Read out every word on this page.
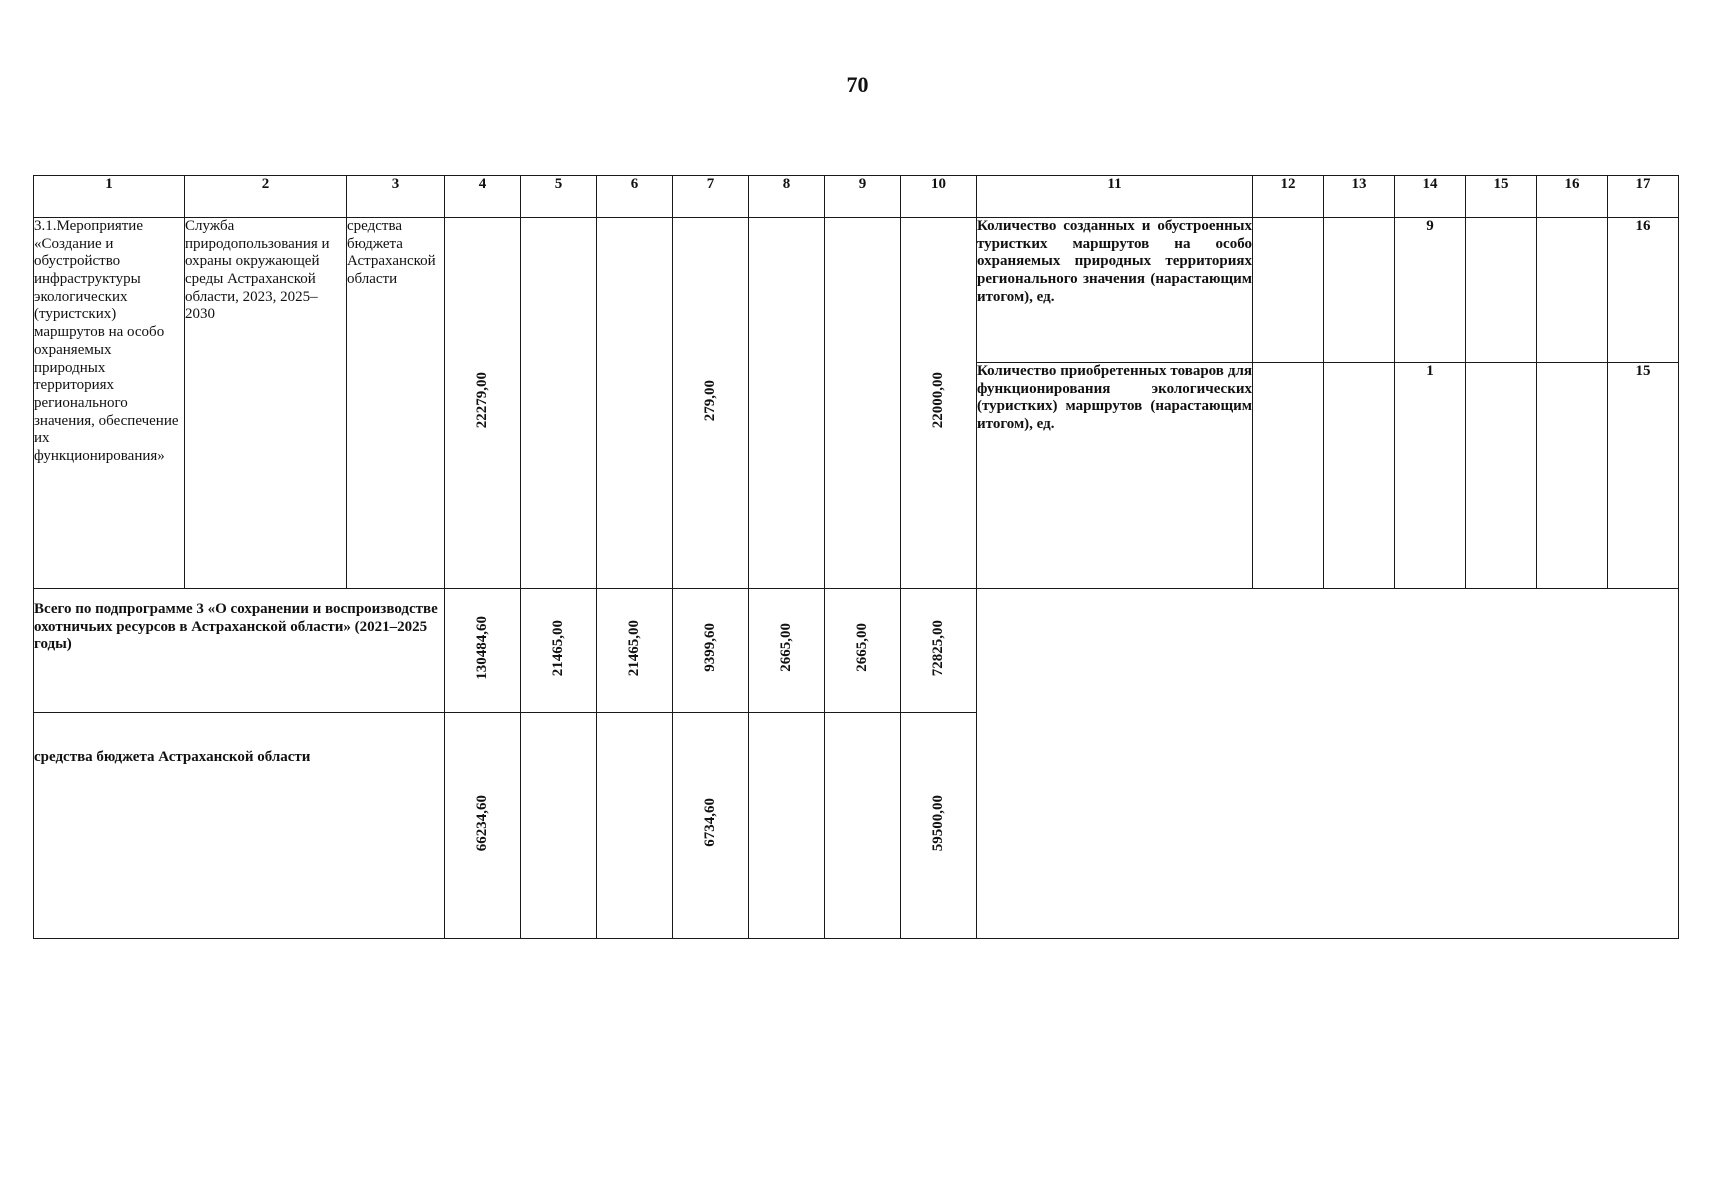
70
1	2	3	4	5	6	7	8	9	10	11	12	13	14	15	16	17
3.1.Мероприятие «Создание и обустройство инфраструктуры экологических (туристских) маршрутов на особо охраняемых природных территориях регионального значения, обеспечение их функционирования»	Служба природопользования и охраны окружающей среды Астраханской области, 2023, 2025–2030	средства бюджета Астраханской области	22279,00			279,00			22000,00	Количество созданных и обустроенных туристких маршрутов на особо охраняемых природных территориях регионального значения (нарастающим итогом), ед.			9			16
										Количество приобретенных товаров для функционирования экологических (туристких) маршрутов (нарастающим итогом), ед.			1			15
Всего по подпрограмме 3 «О сохранении и воспроизводстве охотничьих ресурсов в Астраханской области» (2021–2025 годы)			130484,60	21465,00	21465,00	9399,60	2665,00	2665,00	72825,00							
средства бюджета Астраханской области			66234,60			6734,60			59500,00							
